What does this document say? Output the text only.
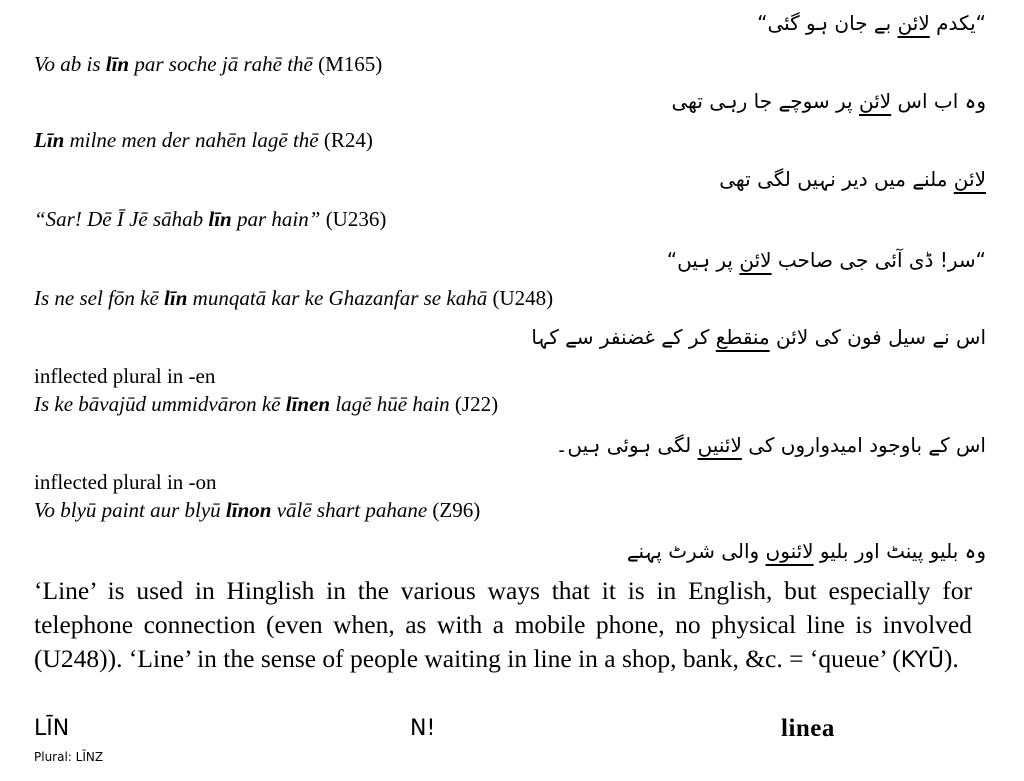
“یکدم لائن بے جان ہو گئی“
Vo ab is līn par soche jā rahē thē (M165)
وہ اب اس لائن پر سوچے جا رہی تھی
Līn milne men der nahēn lagē thē (R24)
لائن ملنے میں دیر نہیں لگی تھی
“Sar! Dē Ī Jē sāhab līn par hain” (U236)
“سر! ڈی آئی جی صاحب لائن پر ہیں“
Is ne sel fōn kē līn munqatā kar ke Ghazanfar se kahā (U248)
اس نے سیل فون کی لائن منقطع کر کے غضنفر سے کہا
inflected plural in -en
Is ke bāvajūd ummidvāron kē līnen lagē hūē hain (J22)
اس کے باوجود امیدواروں کی لائنیں لگی ہوئی ہیں۔
inflected plural in -on
Vo blyū paint aur blyū līnon vālē shart pahane (Z96)
وہ بلیو پینٹ اور بلیو لائنوں والی شرٹ پہنے
‘Line’ is used in Hinglish in the various ways that it is in English, but especially for telephone connection (even when, as with a mobile phone, no physical line is involved (U248)). ‘Line’ in the sense of people waiting in line in a shop, bank, &c. = ‘queue’ (KYŪ).
LĪN	N!	linea
Plural: LĪNZ
